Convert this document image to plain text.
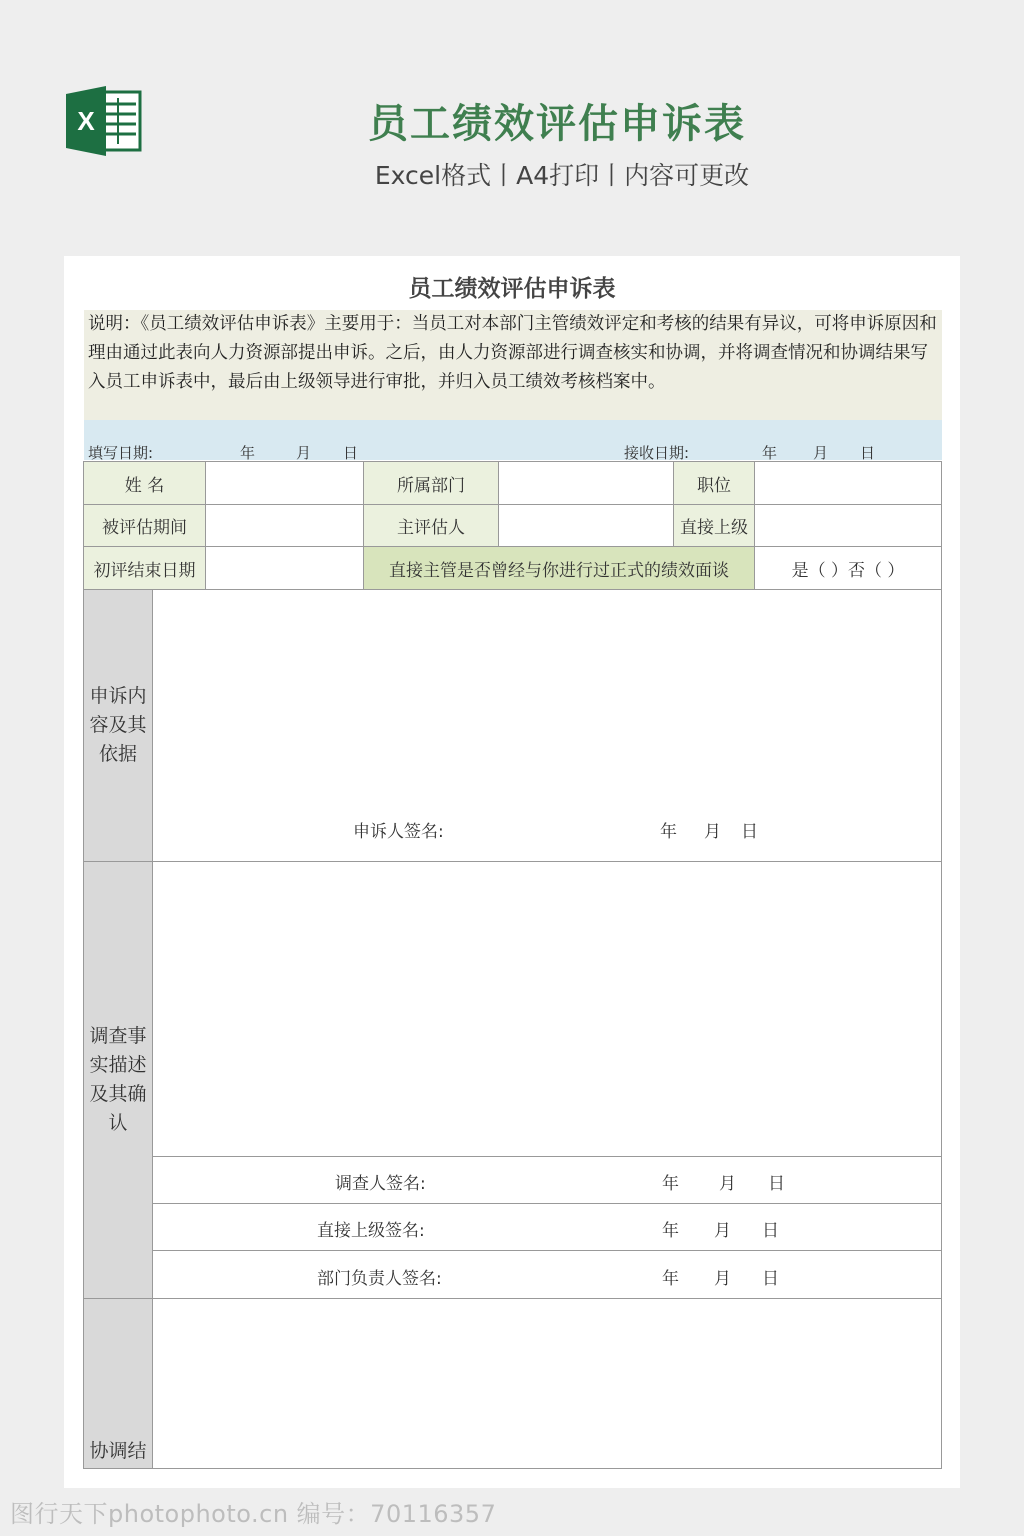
X	员工绩效评估申诉表
Excel格式丨A4打印丨内容可更改
员工绩效评估申诉表
说明：《员工绩效评估申诉表》主要用于：当员工对本部门主管绩效评定和考核的结果有异议，可将申诉原因和理由通过此表向人力资源部提出申诉。之后，由人力资源部进行调查核实和协调，并将调查情况和协调结果写入员工申诉表中，最后由上级领导进行审批，并归入员工绩效考核档案中。
填写日期:	年	月 日	接收日期:	年 月 日
姓 名			所属部门		职位	
被评估期间			主评估人		直接上级	
初评结束日期			直接主管是否曾经与你进行过正式的绩效面谈			是（ ）否（ ）
申诉内容及其依据	申诉人签名: 年 月 日					

调查事实描述及其确认						

	调查人签名: 年 月 日					

	直接上级签名: 年 月 日					

	部门负责人签名: 年 月 日					

协调结						
图行天下photophoto.cn 编号：70116357
